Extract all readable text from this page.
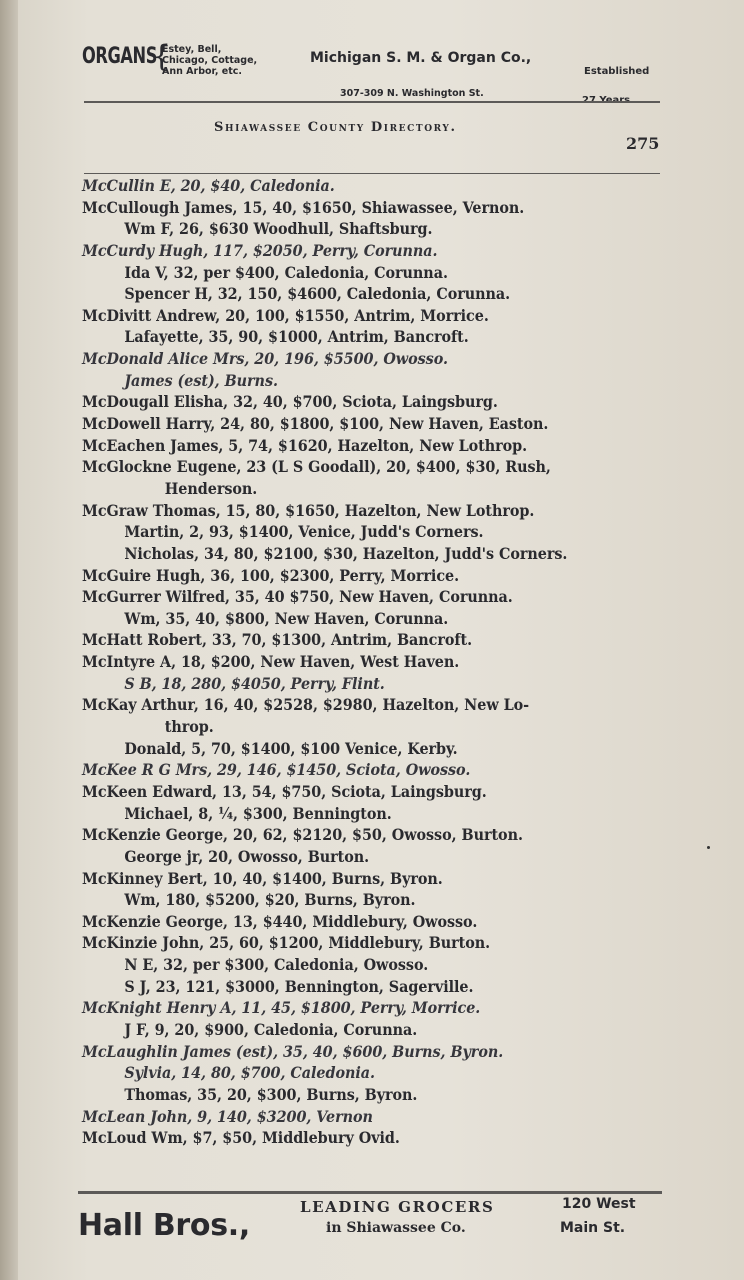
ORGANS
{
Estey, Bell,
Chicago, Cottage,
Ann Arbor, etc.
Michigan S. M. & Organ Co.,
307-309 N. Washington St.
Established
Shiawassee County Directory.
275
McCullin E, 20, $40, Caledonia.
McCullough James, 15, 40, $1650, Shiawassee, Vernon.
Wm F, 26, $630 Woodhull, Shaftsburg.
McCurdy Hugh, 117, $2050, Perry, Corunna.
Ida V, 32, per $400, Caledonia, Corunna.
Spencer H, 32, 150, $4600, Caledonia, Corunna.
McDivitt Andrew, 20, 100, $1550, Antrim, Morrice.
Lafayette, 35, 90, $1000, Antrim, Bancroft.
McDonald Alice Mrs, 20, 196, $5500, Owosso.
James (est), Burns.
McDougall Elisha, 32, 40, $700, Sciota, Laingsburg.
McDowell Harry, 24, 80, $1800, $100, New Haven, Easton.
McEachen James, 5, 74, $1620, Hazelton, New Lothrop.
McGlockne Eugene, 23 (L S Goodall), 20, $400, $30, Rush,
Henderson.
McGraw Thomas, 15, 80, $1650, Hazelton, New Lothrop.
Martin, 2, 93, $1400, Venice, Judd's Corners.
Nicholas, 34, 80, $2100, $30, Hazelton, Judd's Corners.
McGuire Hugh, 36, 100, $2300, Perry, Morrice.
McGurrer Wilfred, 35, 40 $750, New Haven, Corunna.
Wm, 35, 40, $800, New Haven, Corunna.
McHatt Robert, 33, 70, $1300, Antrim, Bancroft.
McIntyre A, 18, $200, New Haven, West Haven.
S B, 18, 280, $4050, Perry, Flint.
McKay Arthur, 16, 40, $2528, $2980, Hazelton, New Lo-
throp.
Donald, 5, 70, $1400, $100 Venice, Kerby.
McKee R G Mrs, 29, 146, $1450, Sciota, Owosso.
McKeen Edward, 13, 54, $750, Sciota, Laingsburg.
Michael, 8, ¼, $300, Bennington.
McKenzie George, 20, 62, $2120, $50, Owosso, Burton.
George jr, 20, Owosso, Burton.
McKinney Bert, 10, 40, $1400, Burns, Byron.
Wm, 180, $5200, $20, Burns, Byron.
McKenzie George, 13, $440, Middlebury, Owosso.
McKinzie John, 25, 60, $1200, Middlebury, Burton.
N E, 32, per $300, Caledonia, Owosso.
S J, 23, 121, $3000, Bennington, Sagerville.
McKnight Henry A, 11, 45, $1800, Perry, Morrice.
J F, 9, 20, $900, Caledonia, Corunna.
McLaughlin James (est), 35, 40, $600, Burns, Byron.
Sylvia, 14, 80, $700, Caledonia.
Thomas, 35, 20, $300, Burns, Byron.
McLean John, 9, 140, $3200, Vernon
McLoud Wm, $7, $50, Middlebury Ovid.
Hall Bros.,
LEADING GROCERS
in Shiawassee Co.
120 West
Main St.
